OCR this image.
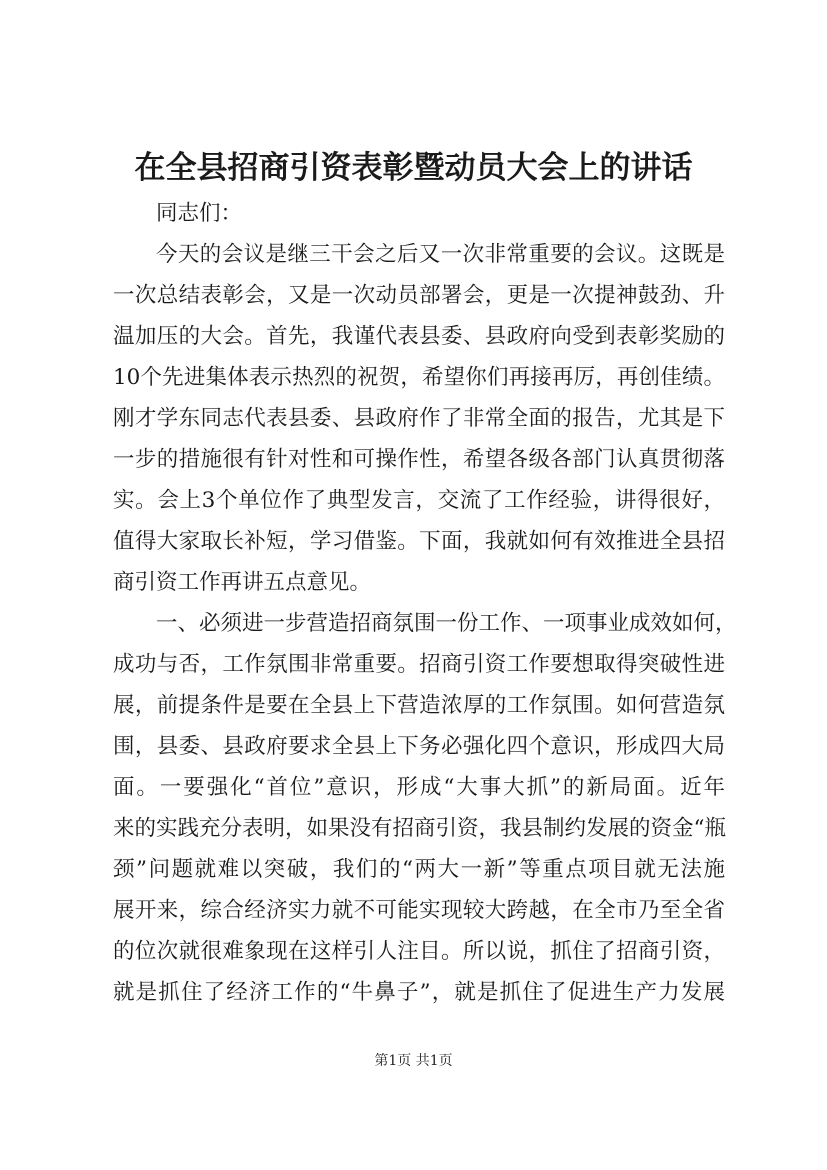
在全县招商引资表彰暨动员大会上的讲话
同志们：
今天的会议是继三干会之后又一次非常重要的会议。这既是
一次总结表彰会，又是一次动员部署会，更是一次提神鼓劲、升
温加压的大会。首先，我谨代表县委、县政府向受到表彰奖励的
10个先进集体表示热烈的祝贺，希望你们再接再厉，再创佳绩。
刚才学东同志代表县委、县政府作了非常全面的报告，尤其是下
一步的措施很有针对性和可操作性，希望各级各部门认真贯彻落
实。会上3个单位作了典型发言，交流了工作经验，讲得很好，
值得大家取长补短，学习借鉴。下面，我就如何有效推进全县招
商引资工作再讲五点意见。
一、必须进一步营造招商氛围一份工作、一项事业成效如何，
成功与否，工作氛围非常重要。招商引资工作要想取得突破性进
展，前提条件是要在全县上下营造浓厚的工作氛围。如何营造氛
围，县委、县政府要求全县上下务必强化四个意识，形成四大局
面。一要强化“首位”意识，形成“大事大抓”的新局面。近年
来的实践充分表明，如果没有招商引资，我县制约发展的资金“瓶
颈”问题就难以突破，我们的“两大一新”等重点项目就无法施
展开来，综合经济实力就不可能实现较大跨越，在全市乃至全省
的位次就很难象现在这样引人注目。所以说，抓住了招商引资，
就是抓住了经济工作的“牛鼻子”，就是抓住了促进生产力发展
第1页 共1页
